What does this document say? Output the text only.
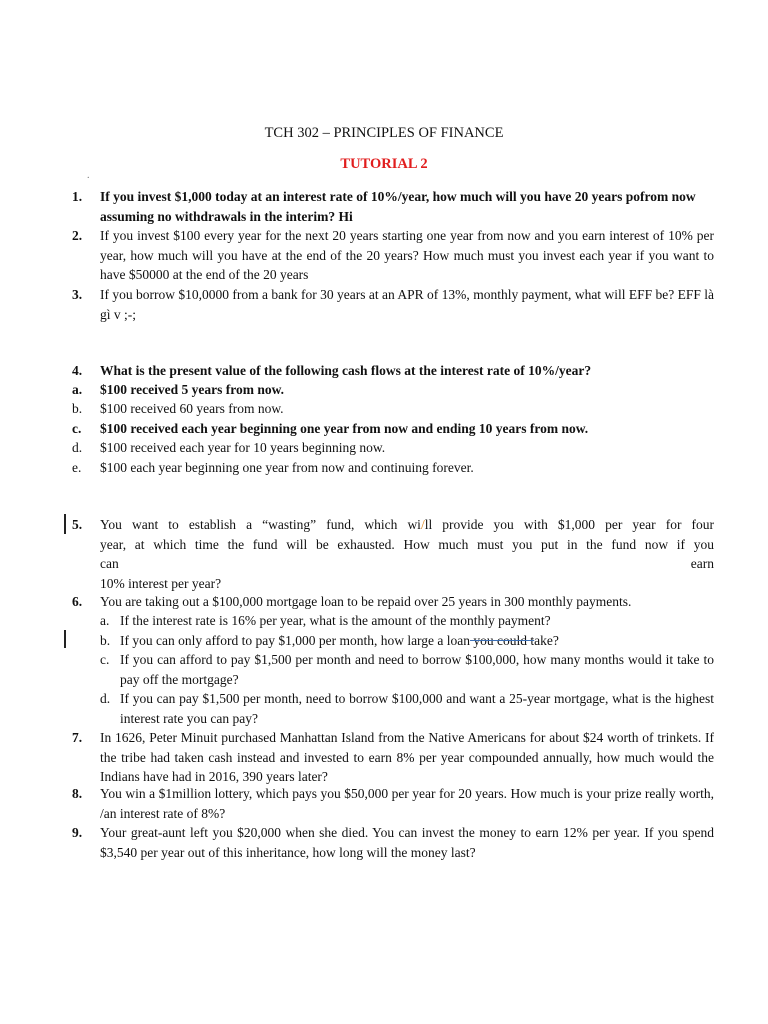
TCH 302 – PRINCIPLES OF FINANCE
TUTORIAL 2
.
1.	If you invest $1,000 today at an interest rate of 10%/year, how much will you have 20 years pofrom now assuming no withdrawals in the interim? Hi
2.	If you invest $100 every year for the next 20 years starting one year from now and you earn interest of 10% per year, how much will you have at the end of the 20 years? How much must you invest each year if you want to have $50000 at the end of the 20 years
3.	If you borrow $10,0000 from a bank for 30 years at an APR of 13%, monthly payment, what will EFF be? EFF là gì v ;-;
4.	What is the present value of the following cash flows at the interest rate of 10%/year?
a.	$100 received 5 years from now.
b.	$100 received 60 years from now.
c.	$100 received each year beginning one year from now and ending 10 years from now.
d.	$100 received each year for 10 years beginning now.
e.	$100 each year beginning one year from now and continuing forever.
5.	You want to establish a “wasting” fund, which wi/ll provide you with $1,000 per year for four
year, at which time the fund will be exhausted. How much must you put in the fund now if you
can	earn
10% interest per year?
6.	You are taking out a $100,000 mortgage loan to be repaid over 25 years in 300 monthly payments.
a. If the interest rate is 16% per year, what is the amount of the monthly payment?
b. If you can only afford to pay $1,000 per month, how large a loan you could take?
c. If you can afford to pay $1,500 per month and need to borrow $100,000, how many months would it take to pay off the mortgage?
d. If you can pay $1,500 per month, need to borrow $100,000 and want a 25-year mortgage, what is the highest interest rate you can pay?
7.	In 1626, Peter Minuit purchased Manhattan Island from the Native Americans for about $24 worth of trinkets. If the tribe had taken cash instead and invested to earn 8% per year compounded annually, how much would the Indians have had in 2016, 390 years later?
8.	You win a $1million lottery, which pays you $50,000 per year for 20 years. How much is your prize really worth, /an interest rate of 8%?
9.	Your great-aunt left you $20,000 when she died. You can invest the money to earn 12% per year. If you spend $3,540 per year out of this inheritance, how long will the money last?
